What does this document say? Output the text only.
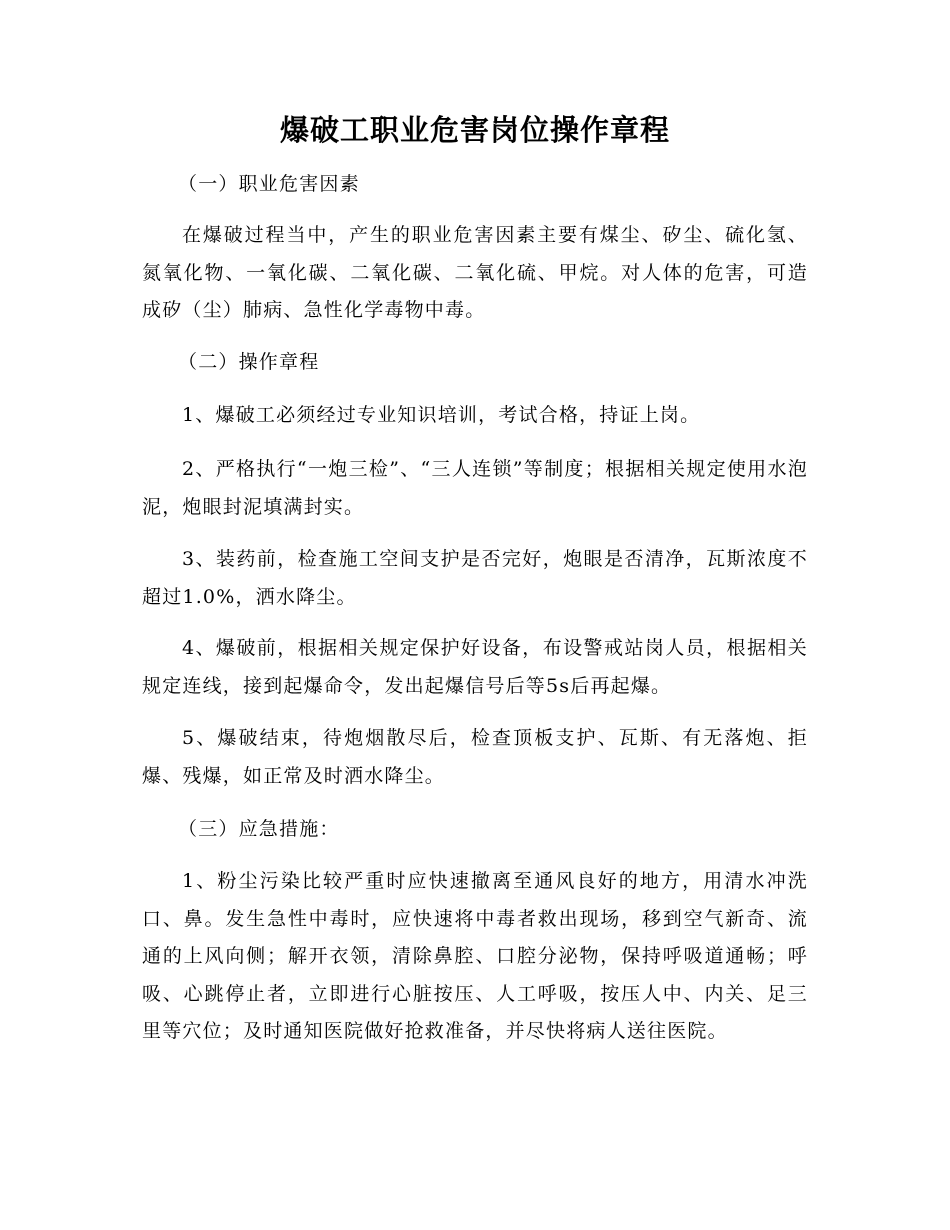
爆破工职业危害岗位操作章程
（一）职业危害因素
在爆破过程当中，产生的职业危害因素主要有煤尘、矽尘、硫化氢、氮氧化物、一氧化碳、二氧化碳、二氧化硫、甲烷。对人体的危害，可造成矽（尘）肺病、急性化学毒物中毒。
（二）操作章程
1、爆破工必须经过专业知识培训，考试合格，持证上岗。
2、严格执行“一炮三检”、“三人连锁”等制度；根据相关规定使用水泡泥，炮眼封泥填满封实。
3、装药前，检查施工空间支护是否完好，炮眼是否清净，瓦斯浓度不超过1.0%，洒水降尘。
4、爆破前，根据相关规定保护好设备，布设警戒站岗人员，根据相关规定连线，接到起爆命令，发出起爆信号后等5s后再起爆。
5、爆破结束，待炮烟散尽后，检查顶板支护、瓦斯、有无落炮、拒爆、残爆，如正常及时洒水降尘。
（三）应急措施：
1、粉尘污染比较严重时应快速撤离至通风良好的地方，用清水冲洗口、鼻。发生急性中毒时，应快速将中毒者救出现场，移到空气新奇、流通的上风向侧；解开衣领，清除鼻腔、口腔分泌物，保持呼吸道通畅；呼吸、心跳停止者，立即进行心脏按压、人工呼吸，按压人中、内关、足三里等穴位；及时通知医院做好抢救准备，并尽快将病人送往医院。
